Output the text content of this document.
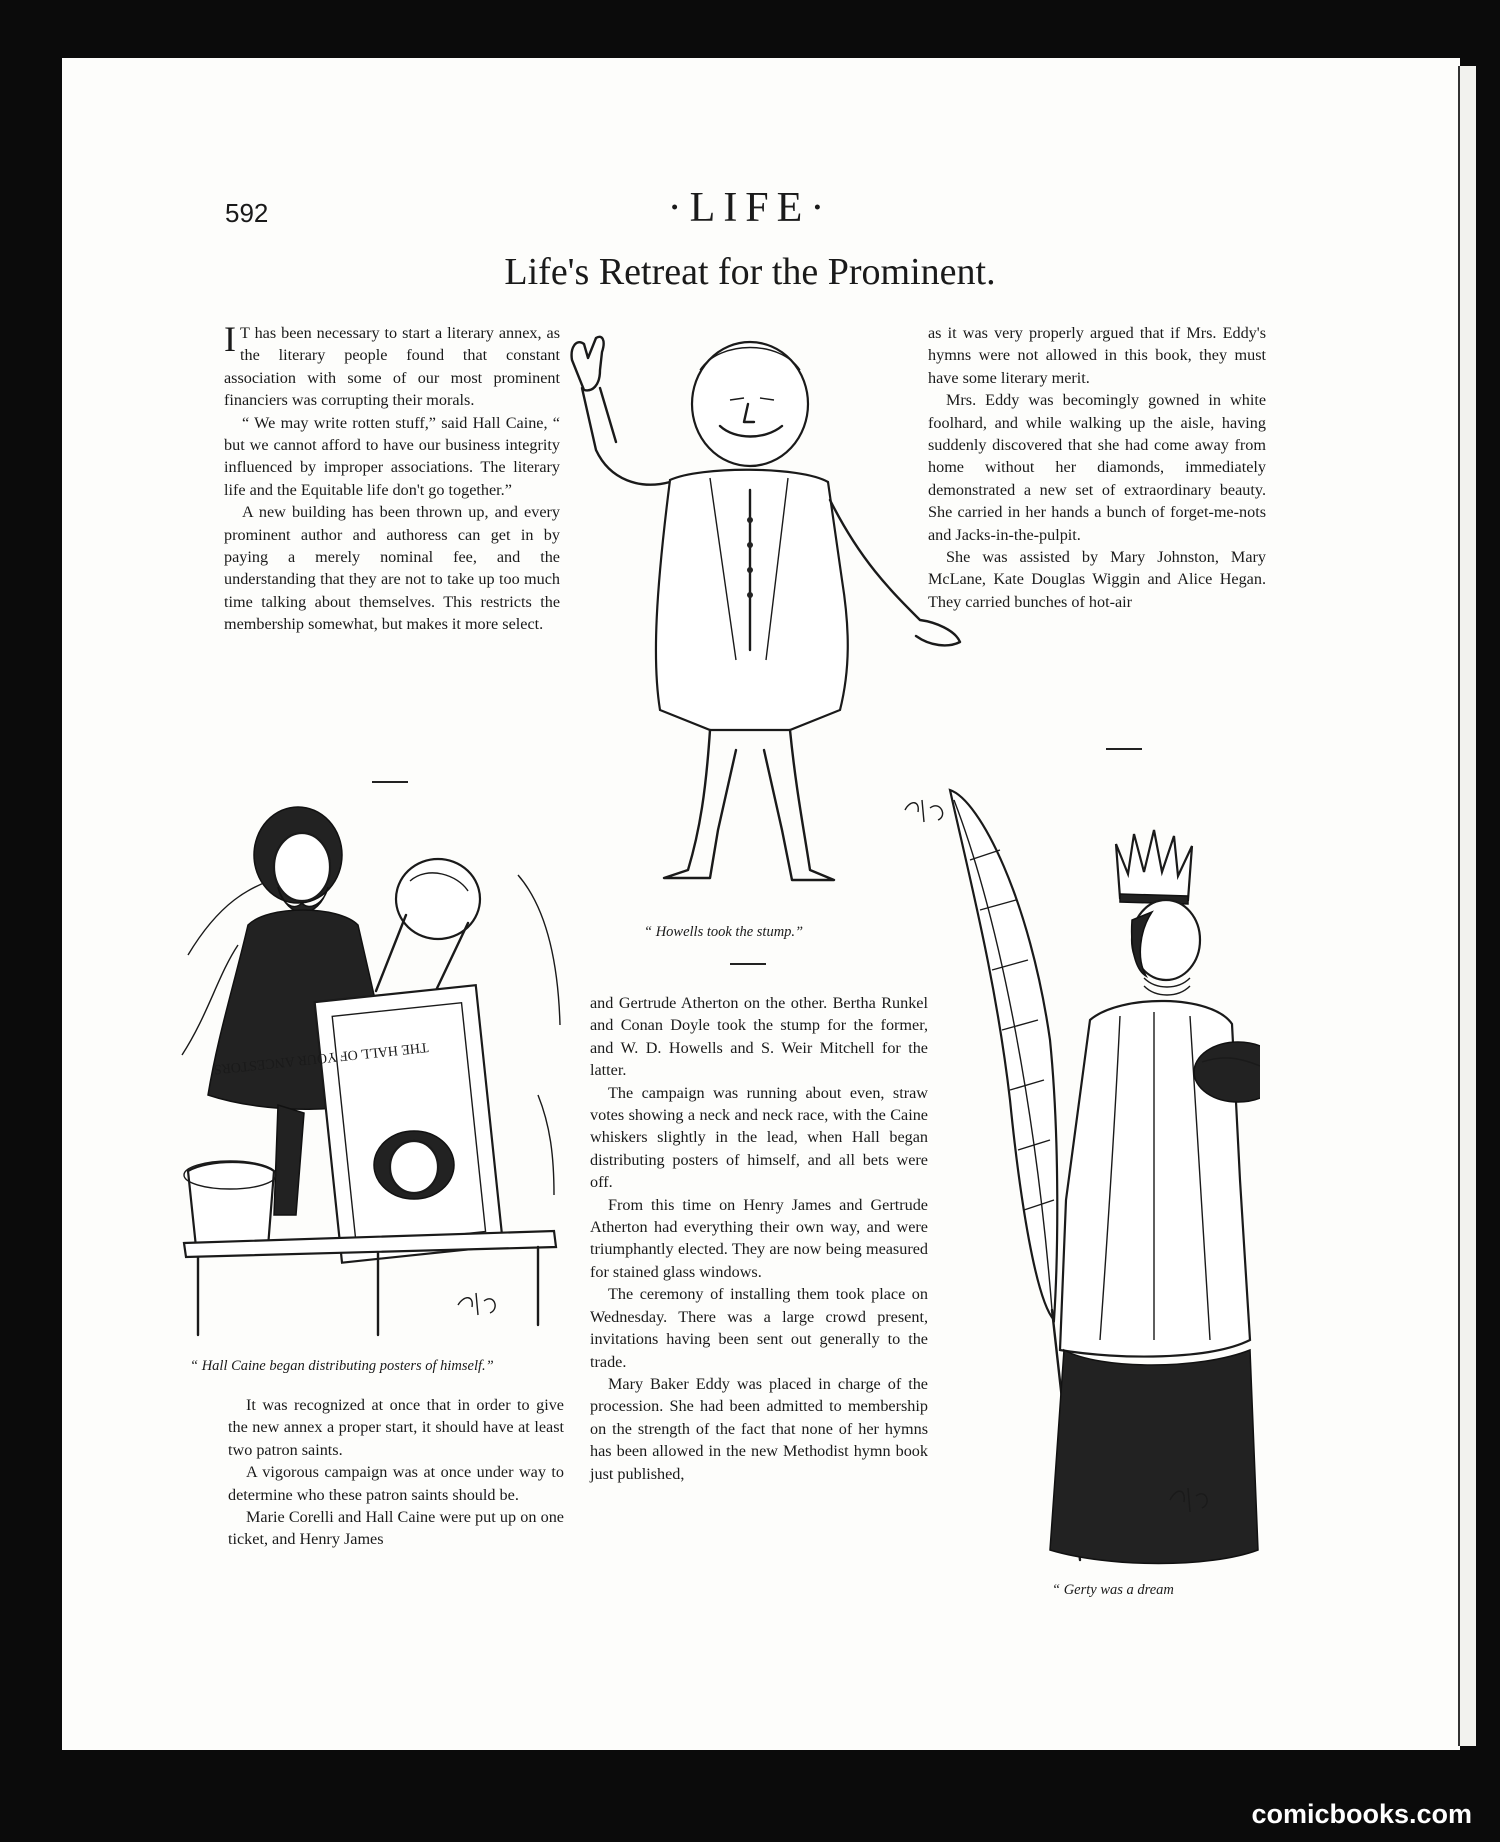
592	·LIFE·
Life's Retreat for the Prominent.

I T has been necessary to start a literary annex, as the literary people found that constant association with some of our most prominent financiers was corrupting their morals.

“ We may write rotten stuff,” said Hall Caine, “ but we cannot afford to have our business integrity influenced by improper associations. The literary life and the Equitable life don't go together.”

A new building has been thrown up, and every prominent author and authoress can get in by paying a merely nominal fee, and the understanding that they are not to take up too much time talking about themselves. This restricts the membership somewhat, but makes it more select.

“ Howells took the stump.”

as it was very properly argued that if Mrs. Eddy's hymns were not allowed in this book, they must have some literary merit.

Mrs. Eddy was becomingly gowned in white foolhard, and while walking up the aisle, having suddenly discovered that she had come away from home without her diamonds, immediately demonstrated a new set of extraordinary beauty. She carried in her hands a bunch of forget-me-nots and Jacks-in-the-pulpit.

She was assisted by Mary Johnston, Mary McLane, Kate Douglas Wiggin and Alice Hegan. They carried bunches of hot-air

THE HALL OF YOUR ANCESTORS
“ Hall Caine began distributing posters of himself.”

It was recognized at once that in order to give the new annex a proper start, it should have at least two patron saints.

A vigorous campaign was at once under way to determine who these patron saints should be.

Marie Corelli and Hall Caine were put up on one ticket, and Henry James

and Gertrude Atherton on the other. Bertha Runkel and Conan Doyle took the stump for the former, and W. D. Howells and S. Weir Mitchell for the latter.

The campaign was running about even, straw votes showing a neck and neck race, with the Caine whiskers slightly in the lead, when Hall began distributing posters of himself, and all bets were off.

From this time on Henry James and Gertrude Atherton had everything their own way, and were triumphantly elected. They are now being measured for stained glass windows.

The ceremony of installing them took place on Wednesday. There was a large crowd present, invitations having been sent out generally to the trade.

Mary Baker Eddy was placed in charge of the procession. She had been admitted to membership on the strength of the fact that none of her hymns has been allowed in the new Methodist hymn book just published,

“ Gerty was a dream
comicbooks.com
